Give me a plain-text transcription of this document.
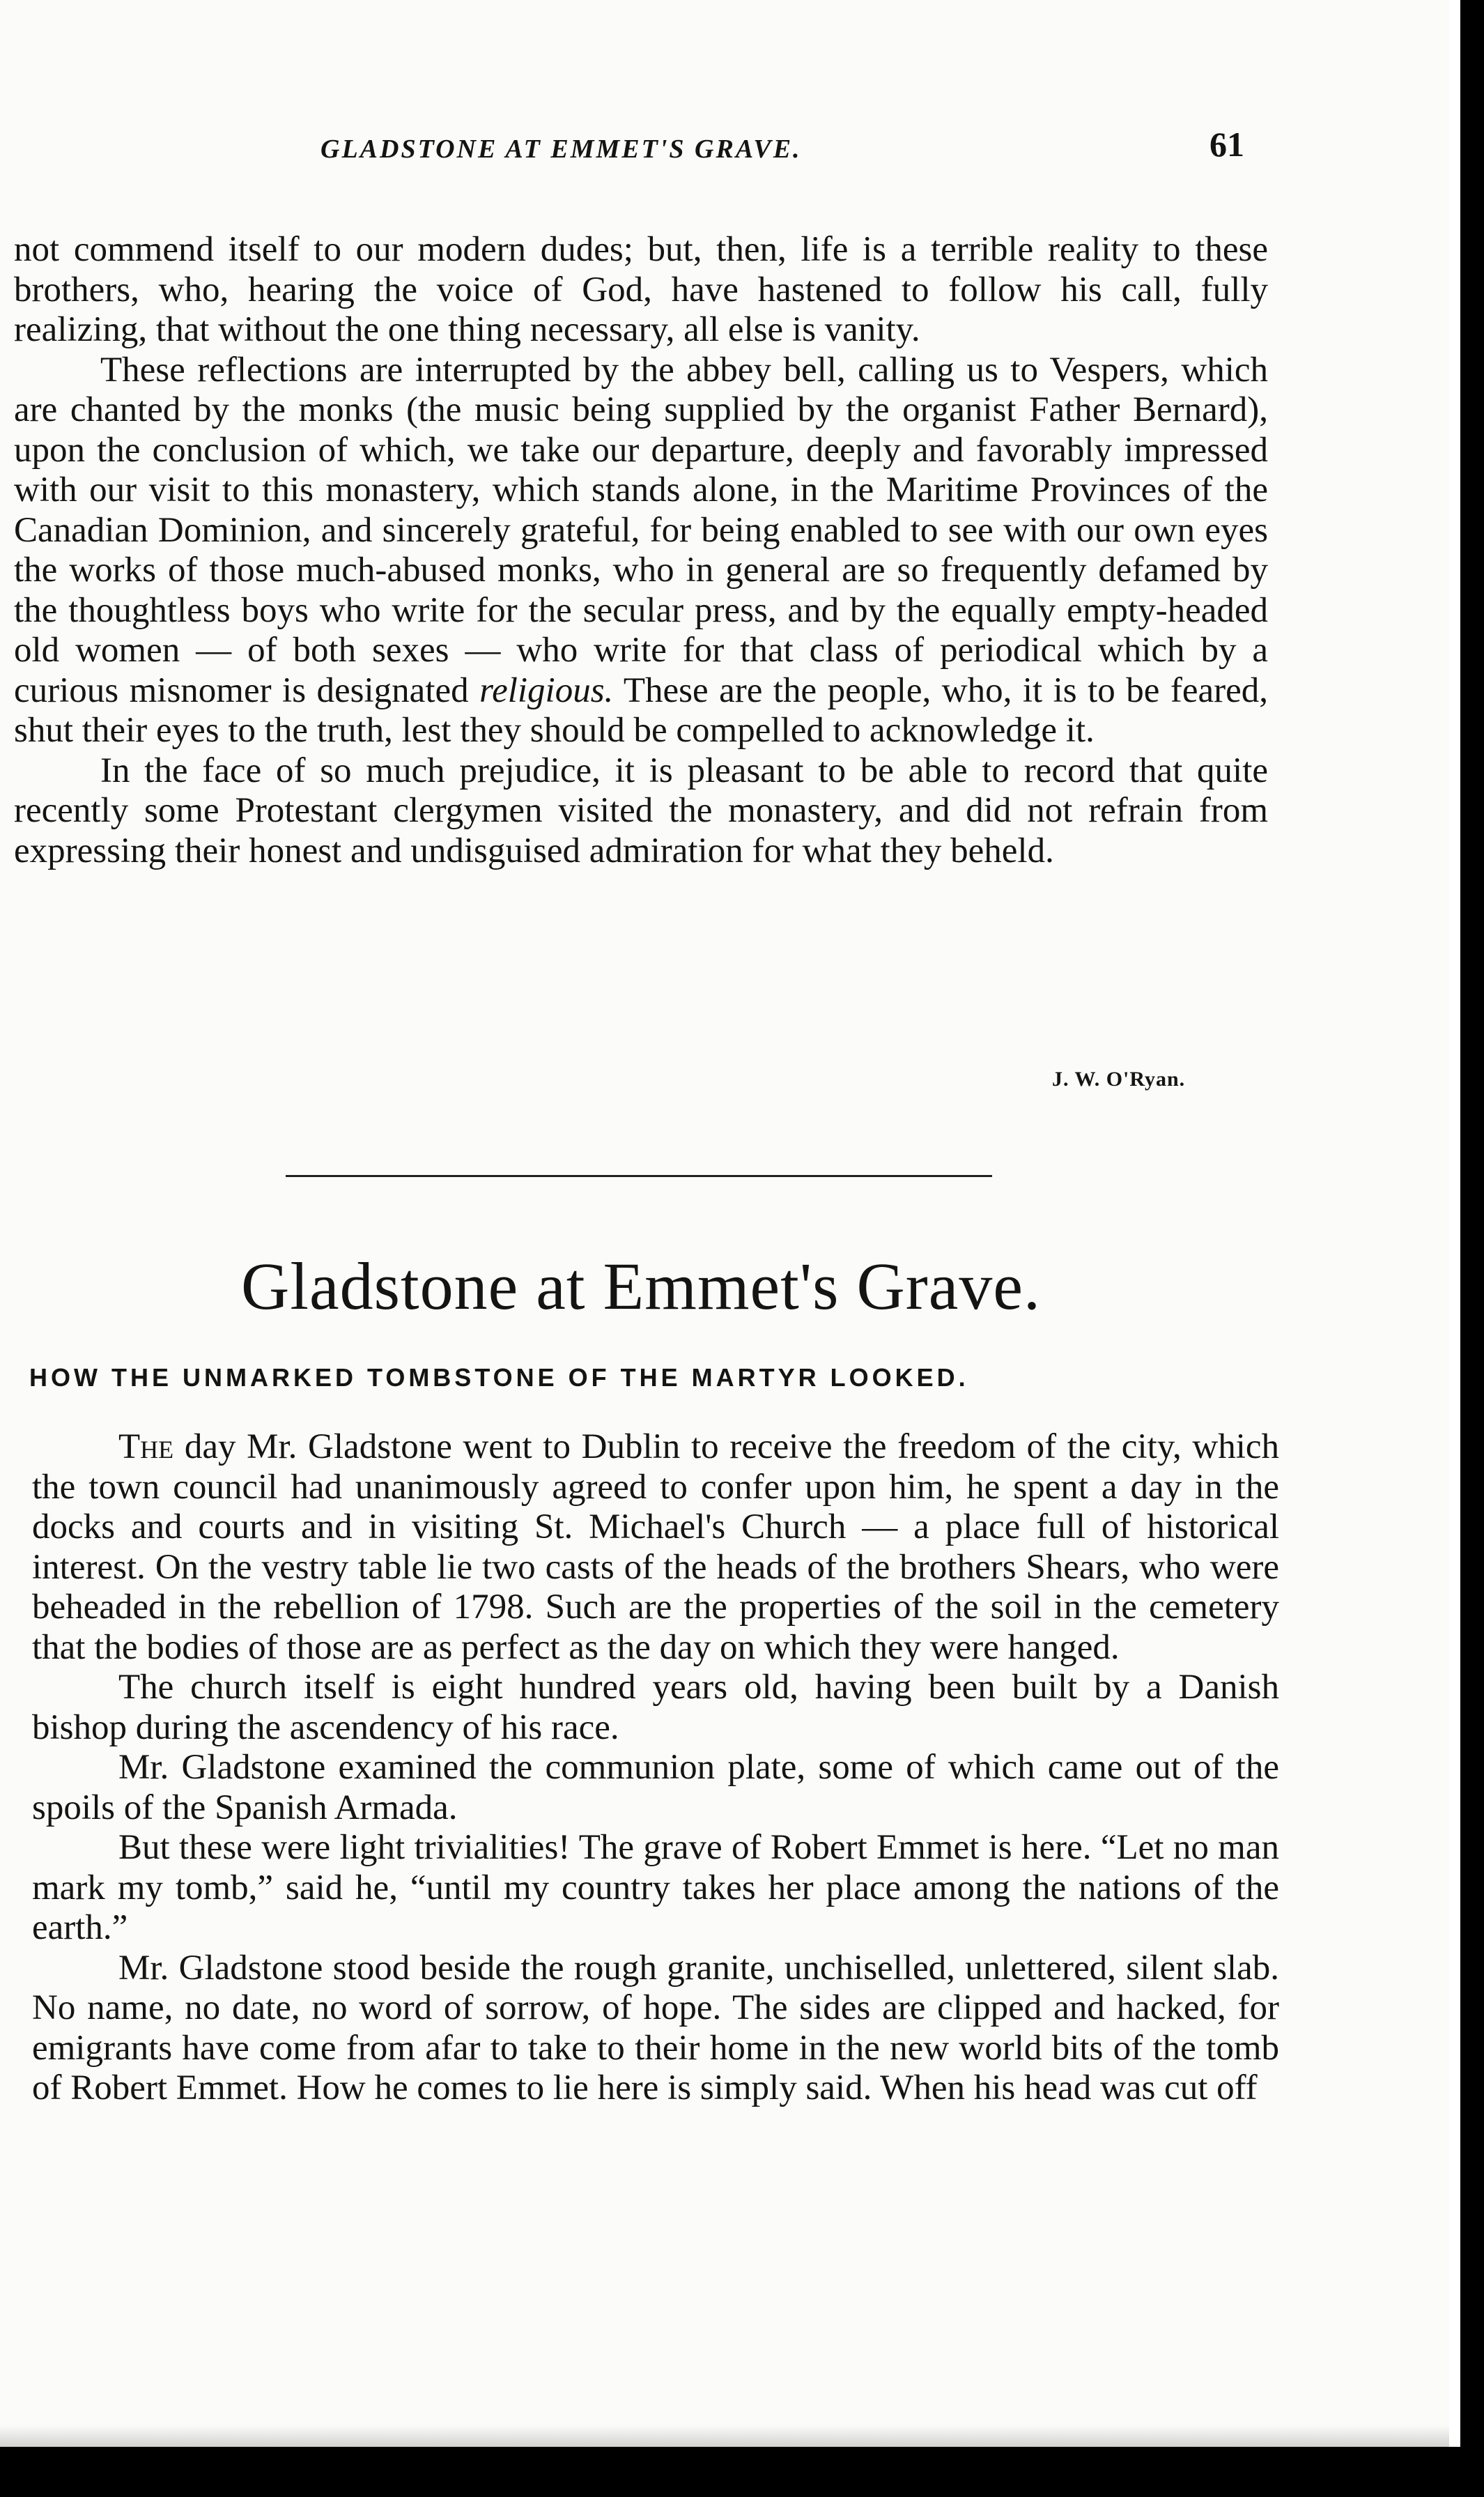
GLADSTONE AT EMMET'S GRAVE.	61

not commend itself to our modern dudes; but, then, life is a terrible reality to these brothers, who, hearing the voice of God, have hastened to follow his call, fully realizing, that without the one thing necessary, all else is vanity.

These reflections are interrupted by the abbey bell, calling us to Vespers, which are chanted by the monks (the music being supplied by the organist Father Bernard), upon the conclusion of which, we take our departure, deeply and favorably impressed with our visit to this monastery, which stands alone, in the Maritime Provinces of the Canadian Dominion, and sincerely grateful, for being enabled to see with our own eyes the works of those much-abused monks, who in general are so frequently defamed by the thoughtless boys who write for the secular press, and by the equally empty-headed old women — of both sexes — who write for that class of periodical which by a curious misnomer is designated religious. These are the people, who, it is to be feared, shut their eyes to the truth, lest they should be compelled to acknowledge it.

In the face of so much prejudice, it is pleasant to be able to record that quite recently some Protestant clergymen visited the monastery, and did not refrain from expressing their honest and undisguised admiration for what they beheld.

J. W. O'Ryan.
Gladstone at Emmet's Grave.
HOW THE UNMARKED TOMBSTONE OF THE MARTYR LOOKED.

The day Mr. Gladstone went to Dublin to receive the freedom of the city, which the town council had unanimously agreed to confer upon him, he spent a day in the docks and courts and in visiting St. Michael's Church — a place full of historical interest. On the vestry table lie two casts of the heads of the brothers Shears, who were beheaded in the rebellion of 1798. Such are the properties of the soil in the cemetery that the bodies of those are as perfect as the day on which they were hanged.

The church itself is eight hundred years old, having been built by a Danish bishop during the ascendency of his race.

Mr. Gladstone examined the communion plate, some of which came out of the spoils of the Spanish Armada.

But these were light trivialities! The grave of Robert Emmet is here. “Let no man mark my tomb,” said he, “until my country takes her place among the nations of the earth.”

Mr. Gladstone stood beside the rough granite, unchiselled, unlettered, silent slab. No name, no date, no word of sorrow, of hope. The sides are clipped and hacked, for emigrants have come from afar to take to their home in the new world bits of the tomb of Robert Emmet. How he comes to lie here is simply said. When his head was cut off
